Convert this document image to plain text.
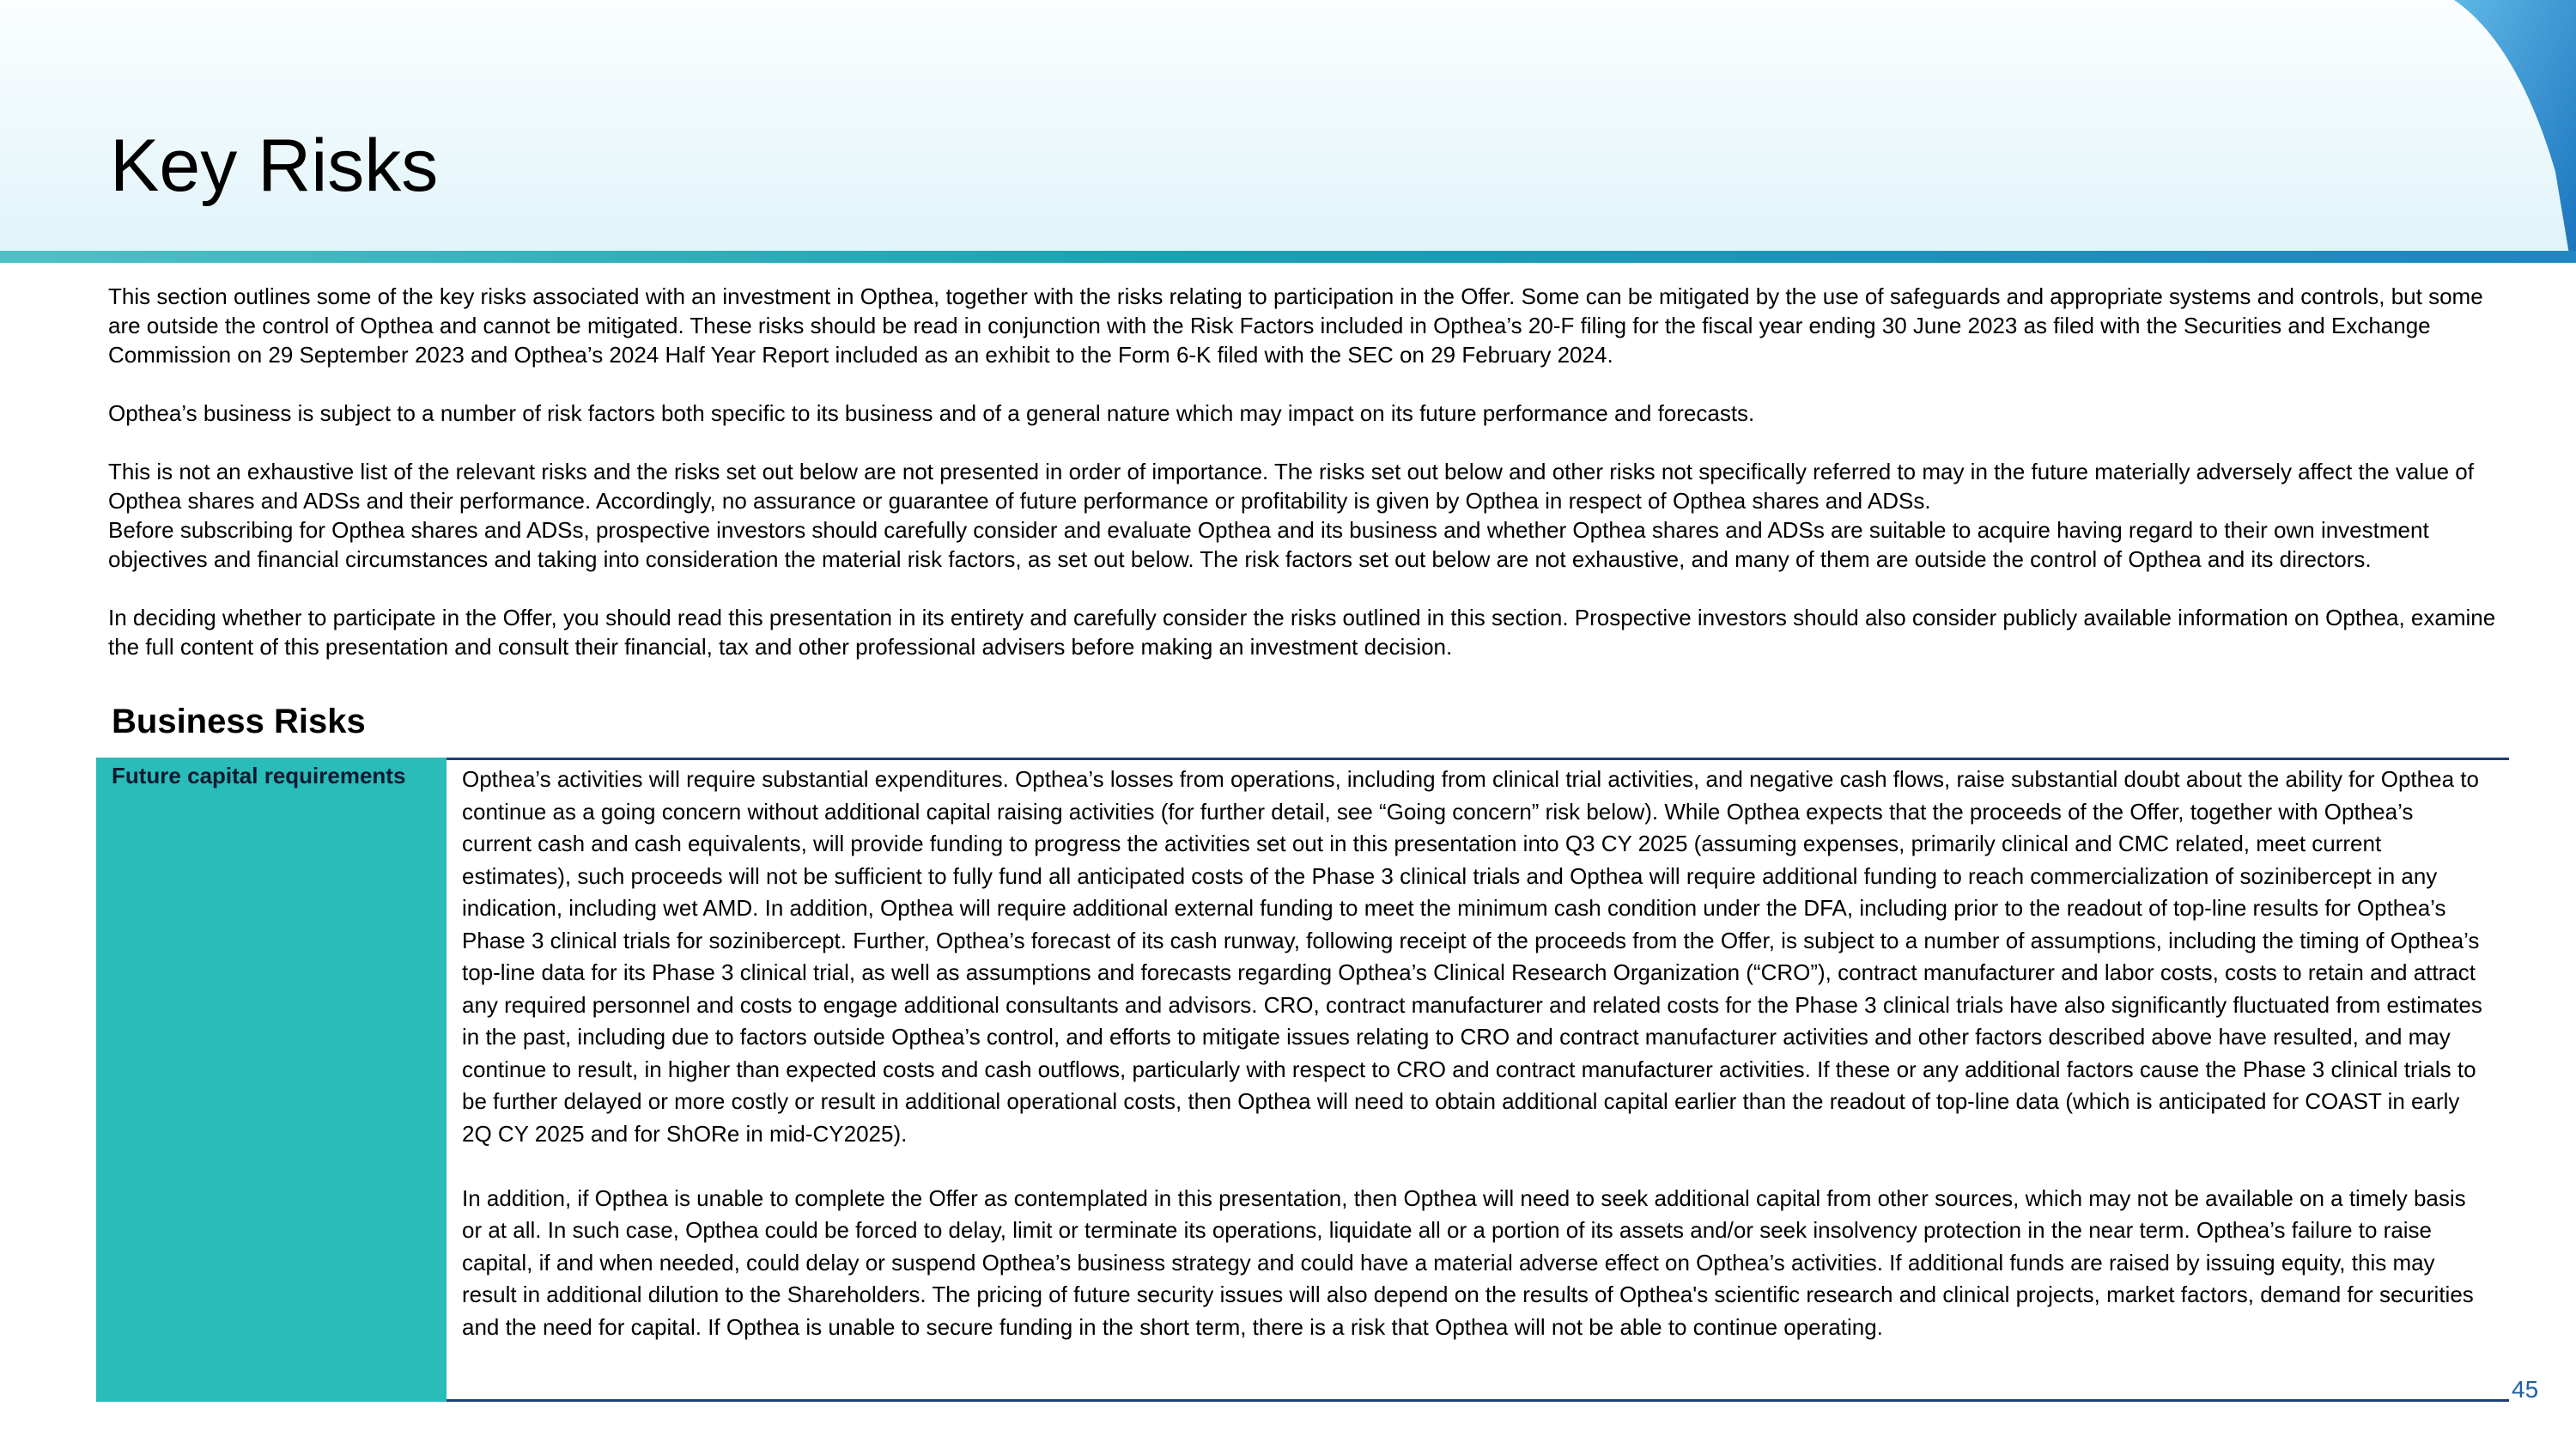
Key Risks

This section outlines some of the key risks associated with an investment in Opthea, together with the risks relating to participation in the Offer. Some can be mitigated by the use of safeguards and appropriate systems and controls, but some are outside the control of Opthea and cannot be mitigated. These risks should be read in conjunction with the Risk Factors included in Opthea’s 20-F filing for the fiscal year ending 30 June 2023 as filed with the Securities and Exchange Commission on 29 September 2023 and Opthea’s 2024 Half Year Report included as an exhibit to the Form 6-K filed with the SEC on 29 February 2024.

Opthea’s business is subject to a number of risk factors both specific to its business and of a general nature which may impact on its future performance and forecasts.

This is not an exhaustive list of the relevant risks and the risks set out below are not presented in order of importance. The risks set out below and other risks not specifically referred to may in the future materially adversely affect the value of Opthea shares and ADSs and their performance. Accordingly, no assurance or guarantee of future performance or profitability is given by Opthea in respect of Opthea shares and ADSs.

Before subscribing for Opthea shares and ADSs, prospective investors should carefully consider and evaluate Opthea and its business and whether Opthea shares and ADSs are suitable to acquire having regard to their own investment objectives and financial circumstances and taking into consideration the material risk factors, as set out below. The risk factors set out below are not exhaustive, and many of them are outside the control of Opthea and its directors.

In deciding whether to participate in the Offer, you should read this presentation in its entirety and carefully consider the risks outlined in this section. Prospective investors should also consider publicly available information on Opthea, examine the full content of this presentation and consult their financial, tax and other professional advisers before making an investment decision.

Business Risks
Future capital requirements	Opthea’s activities will require substantial expenditures. Opthea’s losses from operations, including from clinical trial activities, and negative cash flows, raise substantial doubt about the ability for Opthea to continue as a going concern without additional capital raising activities (for further detail, see “Going concern” risk below). While Opthea expects that the proceeds of the Offer, together with Opthea’s current cash and cash equivalents, will provide funding to progress the activities set out in this presentation into Q3 CY 2025 (assuming expenses, primarily clinical and CMC related, meet current estimates), such proceeds will not be sufficient to fully fund all anticipated costs of the Phase 3 clinical trials and Opthea will require additional funding to reach commercialization of sozinibercept in any indication, including wet AMD. In addition, Opthea will require additional external funding to meet the minimum cash condition under the DFA, including prior to the readout of top-line results for Opthea’s Phase 3 clinical trials for sozinibercept. Further, Opthea’s forecast of its cash runway, following receipt of the proceeds from the Offer, is subject to a number of assumptions, including the timing of Opthea’s top-line data for its Phase 3 clinical trial, as well as assumptions and forecasts regarding Opthea’s Clinical Research Organization (“CRO”), contract manufacturer and labor costs, costs to retain and attract any required personnel and costs to engage additional consultants and advisors. CRO, contract manufacturer and related costs for the Phase 3 clinical trials have also significantly fluctuated from estimates in the past, including due to factors outside Opthea’s control, and efforts to mitigate issues relating to CRO and contract manufacturer activities and other factors described above have resulted, and may continue to result, in higher than expected costs and cash outflows, particularly with respect to CRO and contract manufacturer activities. If these or any additional factors cause the Phase 3 clinical trials to be further delayed or more costly or result in additional operational costs, then Opthea will need to obtain additional capital earlier than the readout of top-line data (which is anticipated for COAST in early 2Q CY 2025 and for ShORe in mid-CY2025).

In addition, if Opthea is unable to complete the Offer as contemplated in this presentation, then Opthea will need to seek additional capital from other sources, which may not be available on a timely basis or at all. In such case, Opthea could be forced to delay, limit or terminate its operations, liquidate all or a portion of its assets and/or seek insolvency protection in the near term. Opthea’s failure to raise capital, if and when needed, could delay or suspend Opthea’s business strategy and could have a material adverse effect on Opthea’s activities. If additional funds are raised by issuing equity, this may result in additional dilution to the Shareholders. The pricing of future security issues will also depend on the results of Opthea's scientific research and clinical projects, market factors, demand for securities and the need for capital. If Opthea is unable to secure funding in the short term, there is a risk that Opthea will not be able to continue operating.

45
